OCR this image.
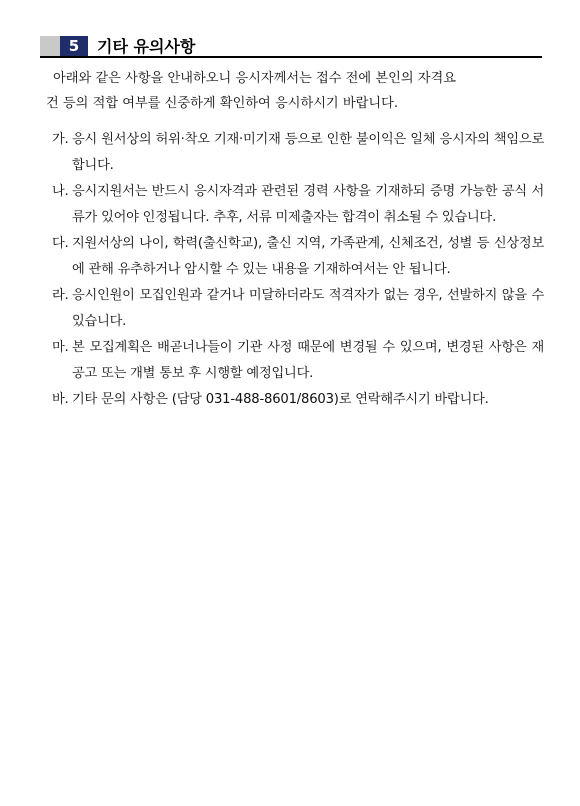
5	기타 유의사항

아래와 같은 사항을 안내하오니 응시자께서는 접수 전에 본인의 자격요
건 등의 적합 여부를 신중하게 확인하여 응시하시기 바랍니다.

가. 응시 원서상의 허위·착오 기재·미기재 등으로 인한 불이익은 일체 응시자의 책임으로 합니다.
나. 응시지원서는 반드시 응시자격과 관련된 경력 사항을 기재하되 증명 가능한 공식 서류가 있어야 인정됩니다. 추후, 서류 미제출자는 합격이 취소될 수 있습니다.
다. 지원서상의 나이, 학력(출신학교), 출신 지역, 가족관계, 신체조건, 성별 등 신상정보에 관해 유추하거나 암시할 수 있는 내용을 기재하여서는 안 됩니다.
라. 응시인원이 모집인원과 같거나 미달하더라도 적격자가 없는 경우, 선발하지 않을 수 있습니다.
마. 본 모집계획은 배곧너나들이 기관 사정 때문에 변경될 수 있으며, 변경된 사항은 재공고 또는 개별 통보 후 시행할 예정입니다.
바. 기타 문의 사항은 (담당 031-488-8601/8603)로 연락해주시기 바랍니다.
